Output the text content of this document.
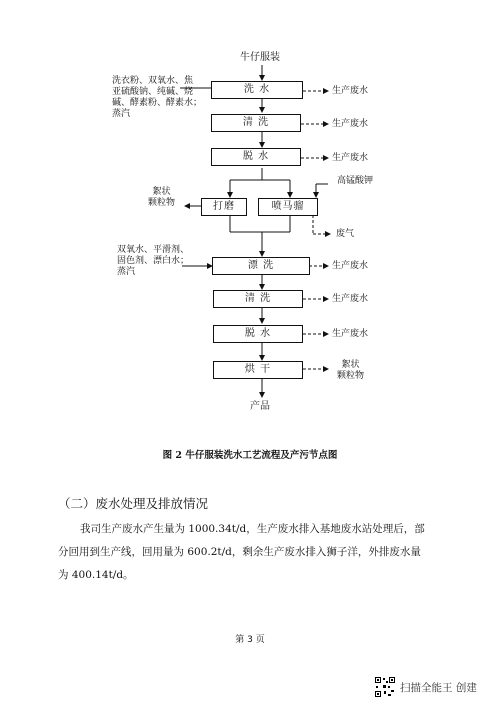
牛仔服装
洗衣粉、双氧水、焦
亚硫酸钠、纯碱、烧
碱、酵素粉、酵素水；
蒸汽
洗 水	生产废水
清 洗	生产废水
脱 水	生产废水
高锰酸钾
絮状
颗粒物	打磨	喷马骝
废气
双氧水、平滑剂、
固色剂、漂白水；
蒸汽
漂 洗	生产废水
清 洗	生产废水
脱 水	生产废水
烘 干	絮状
颗粒物
产品
图 2 牛仔服装洗水工艺流程及产污节点图
（二）废水处理及排放情况
我司生产废水产生量为 1000.34t/d，生产废水排入基地废水站处理后，部
分回用到生产线，回用量为 600.2t/d，剩余生产废水排入狮子洋，外排废水量
为 400.14t/d。
第 3 页
扫描全能王 创建
